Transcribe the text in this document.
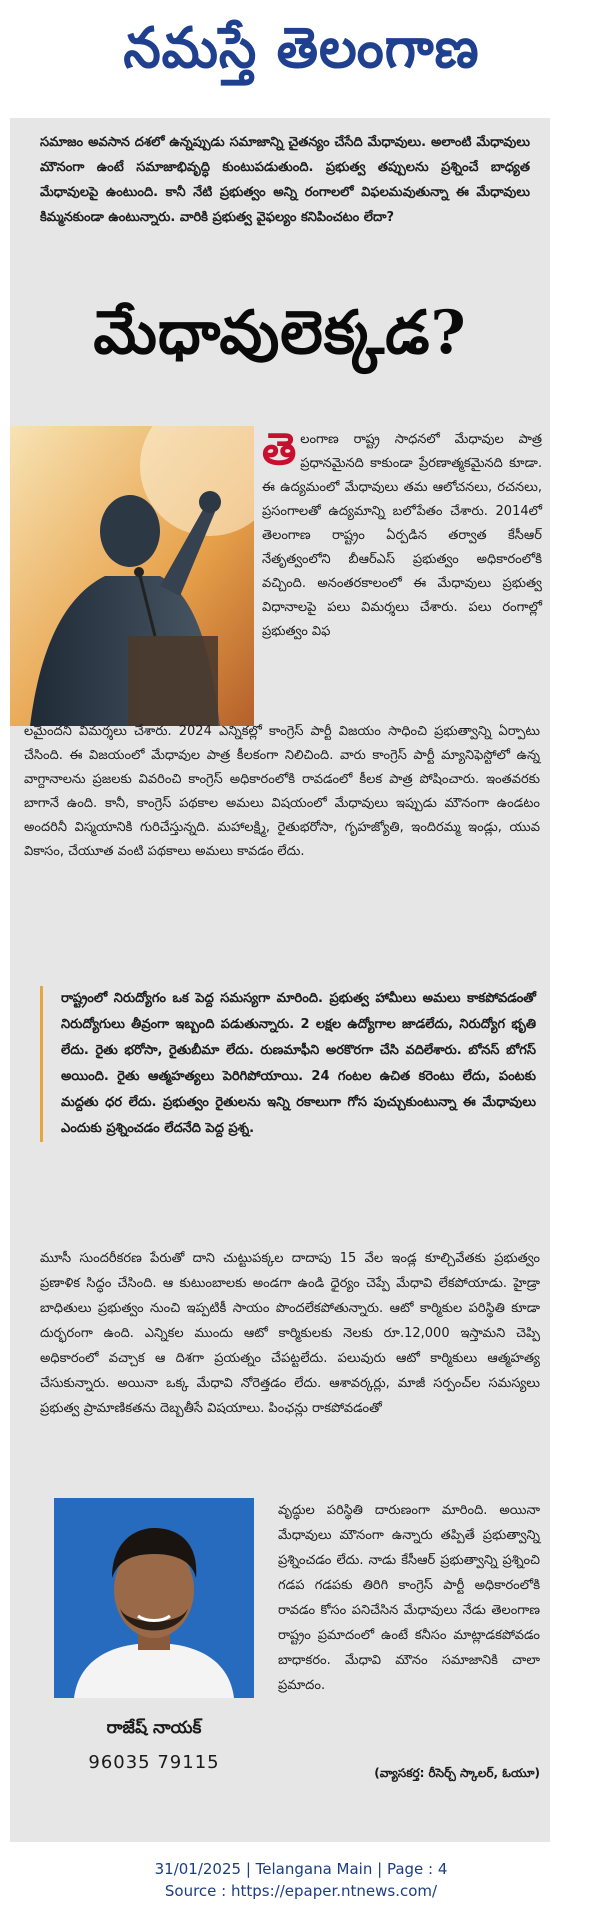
నమస్తే తెలంగాణ
సమాజం అవసాన దశలో ఉన్నప్పుడు సమాజాన్ని చైతన్యం చేసేది మేధావులు. అలాంటి మేధావులు మౌనంగా ఉంటే సమాజాభివృద్ధి కుంటుపడుతుంది. ప్రభుత్వ తప్పులను ప్రశ్నించే బాధ్యత మేధావులపై ఉంటుంది. కానీ నేటి ప్రభుత్వం అన్ని రంగాలలో విఫలమవుతున్నా ఈ మేధావులు కిమ్మనకుండా ఉంటున్నారు. వారికి ప్రభుత్వ వైఫల్యం కనిపించటం లేదా?
మేధావులెక్కడ?
తె లంగాణ రాష్ట్ర సాధనలో మేధావుల పాత్ర ప్రధానమైనది కాకుండా ప్రేరణాత్మకమైనది కూడా. ఈ ఉద్యమంలో మేధావులు తమ ఆలోచనలు, రచనలు, ప్రసంగాలతో ఉద్యమాన్ని బలోపేతం చేశారు. 2014లో తెలంగాణ రాష్ట్రం ఏర్పడిన తర్వాత కేసీఆర్ నేతృత్వంలోని బీఆర్‌ఎస్ ప్రభుత్వం అధికారంలోకి వచ్చింది. అనంతరకాలంలో ఈ మేధావులు ప్రభుత్వ విధానాలపై పలు విమర్శలు చేశారు. పలు రంగాల్లో ప్రభుత్వం విఫ
లమైందని విమర్శలు చేశారు. 2024 ఎన్నికల్లో కాంగ్రెస్ పార్టీ విజయం సాధించి ప్రభుత్వాన్ని ఏర్పాటు చేసింది. ఈ విజయంలో మేధావుల పాత్ర కీలకంగా నిలిచింది. వారు కాంగ్రెస్ పార్టీ మ్యానిఫెస్టోలో ఉన్న వాగ్దానాలను ప్రజలకు వివరించి కాంగ్రెస్ అధికారంలోకి రావడంలో కీలక పాత్ర పోషించారు. ఇంతవరకు బాగానే ఉంది. కానీ, కాంగ్రెస్ పథకాల అమలు విషయంలో మేధావులు ఇప్పుడు మౌనంగా ఉండటం అందరినీ విస్మయానికి గురిచేస్తున్నది. మహాలక్ష్మి, రైతుభరోసా, గృహజ్యోతి, ఇందిరమ్మ ఇండ్లు, యువ వికాసం, చేయూత వంటి పథకాలు అమలు కావడం లేదు.
రాష్ట్రంలో నిరుద్యోగం ఒక పెద్ద సమస్యగా మారింది. ప్రభుత్వ హామీలు అమలు కాకపోవడంతో నిరుద్యోగులు తీవ్రంగా ఇబ్బంది పడుతున్నారు. 2 లక్షల ఉద్యోగాల జాడలేదు, నిరుద్యోగ భృతి లేదు. రైతు భరోసా, రైతుబీమా లేదు. రుణమాఫీని అరకొరగా చేసి వదిలేశారు. బోనస్ బోగస్ అయింది. రైతు ఆత్మహత్యలు పెరిగిపోయాయి. 24 గంటల ఉచిత కరెంటు లేదు, పంటకు మద్దతు ధర లేదు. ప్రభుత్వం రైతులను ఇన్ని రకాలుగా గోస పుచ్చుకుంటున్నా ఈ మేధావులు ఎందుకు ప్రశ్నించడం లేదనేది పెద్ద ప్రశ్న.
మూసీ సుందరీకరణ పేరుతో దాని చుట్టుపక్కల దాదాపు 15 వేల ఇండ్ల కూల్చివేతకు ప్రభుత్వం ప్రణాళిక సిద్ధం చేసింది. ఆ కుటుంబాలకు అండగా ఉండి ధైర్యం చెప్పే మేధావి లేకపోయాడు. హైడ్రా బాధితులు ప్రభుత్వం నుంచి ఇప్పటికీ సాయం పొందలేకపోతున్నారు. ఆటో కార్మికుల పరిస్థితి కూడా దుర్భరంగా ఉంది. ఎన్నికల ముందు ఆటో కార్మికులకు నెలకు రూ.12,000 ఇస్తామని చెప్పి అధికారంలో వచ్చాక ఆ దిశగా ప్రయత్నం చేపట్టలేదు. పలువురు ఆటో కార్మికులు ఆత్మహత్య చేసుకున్నారు. అయినా ఒక్క మేధావి నోరెత్తడం లేదు. ఆశావర్కర్లు, మాజీ సర్పంచ్‌ల సమస్యలు ప్రభుత్వ ప్రామాణికతను దెబ్బతీసే విషయాలు. పింఛన్లు రాకపోవడంతో
వృద్ధుల పరిస్థితి దారుణంగా మారింది. అయినా మేధావులు మౌనంగా ఉన్నారు తప్పితే ప్రభుత్వాన్ని ప్రశ్నించడం లేదు. నాడు కేసీఆర్ ప్రభుత్వాన్ని ప్రశ్నించి గడప గడపకు తిరిగి కాంగ్రెస్ పార్టీ అధికారంలోకి రావడం కోసం పనిచేసిన మేధావులు నేడు తెలంగాణ రాష్ట్రం ప్రమాదంలో ఉంటే కనీసం మాట్లాడకపోవడం బాధాకరం. మేధావి మౌనం సమాజానికి చాలా ప్రమాదం.
రాజేష్ నాయక్
96035 79115	(వ్యాసకర్త: రీసెర్చ్ స్కాలర్, ఓయూ)
31/01/2025 | Telangana Main | Page : 4
Source : https://epaper.ntnews.com/
